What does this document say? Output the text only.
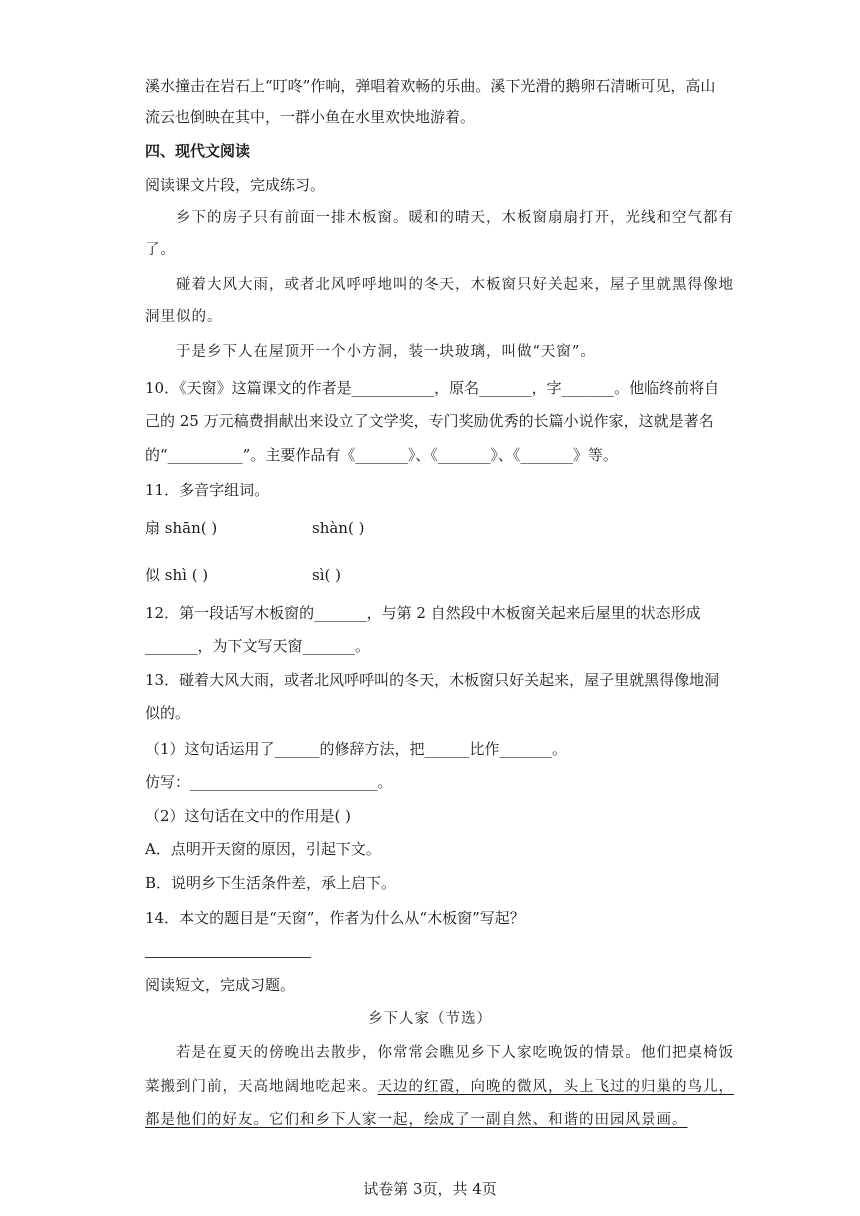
溪水撞击在岩石上“叮咚”作响，弹唱着欢畅的乐曲。溪下光滑的鹅卵石清晰可见，高山
流云也倒映在其中，一群小鱼在水里欢快地游着。
四、现代文阅读
阅读课文片段，完成练习。
乡下的房子只有前面一排木板窗。暖和的晴天，木板窗扇扇打开，光线和空气都有
了。
碰着大风大雨，或者北风呼呼地叫的冬天，木板窗只好关起来，屋子里就黑得像地
洞里似的。
于是乡下人在屋顶开一个小方洞，装一块玻璃，叫做“天窗”。
10．《天窗》这篇课文的作者是___________，原名_______，字_______。他临终前将自
己的 25 万元稿费捐献出来设立了文学奖，专门奖励优秀的长篇小说作家，这就是著名
的“__________”。主要作品有《_______》、《_______》、《_______》等。
11．多音字组词。
扇 shān( )	shàn( )
似 shì ( )	sì( )
12．第一段话写木板窗的_______，与第 2 自然段中木板窗关起来后屋里的状态形成
_______，为下文写天窗_______。
13．碰着大风大雨，或者北风呼呼叫的冬天，木板窗只好关起来，屋子里就黑得像地洞
似的。
（1）这句话运用了______的修辞方法，把______比作_______。
仿写：_________________________。
（2）这句话在文中的作用是( )
A．点明开天窗的原因，引起下文。
B．说明乡下生活条件差，承上启下。
14．本文的题目是“天窗”，作者为什么从“木板窗”写起？
阅读短文，完成习题。
乡下人家（节选）
若是在夏天的傍晚出去散步，你常常会瞧见乡下人家吃晚饭的情景。他们把桌椅饭
菜搬到门前，天高地阔地吃起来。天边的红霞，向晚的微风，头上飞过的归巢的鸟儿，
都是他们的好友。它们和乡下人家一起，绘成了一副自然、和谐的田园风景画。
试卷第 3页，共 4页
